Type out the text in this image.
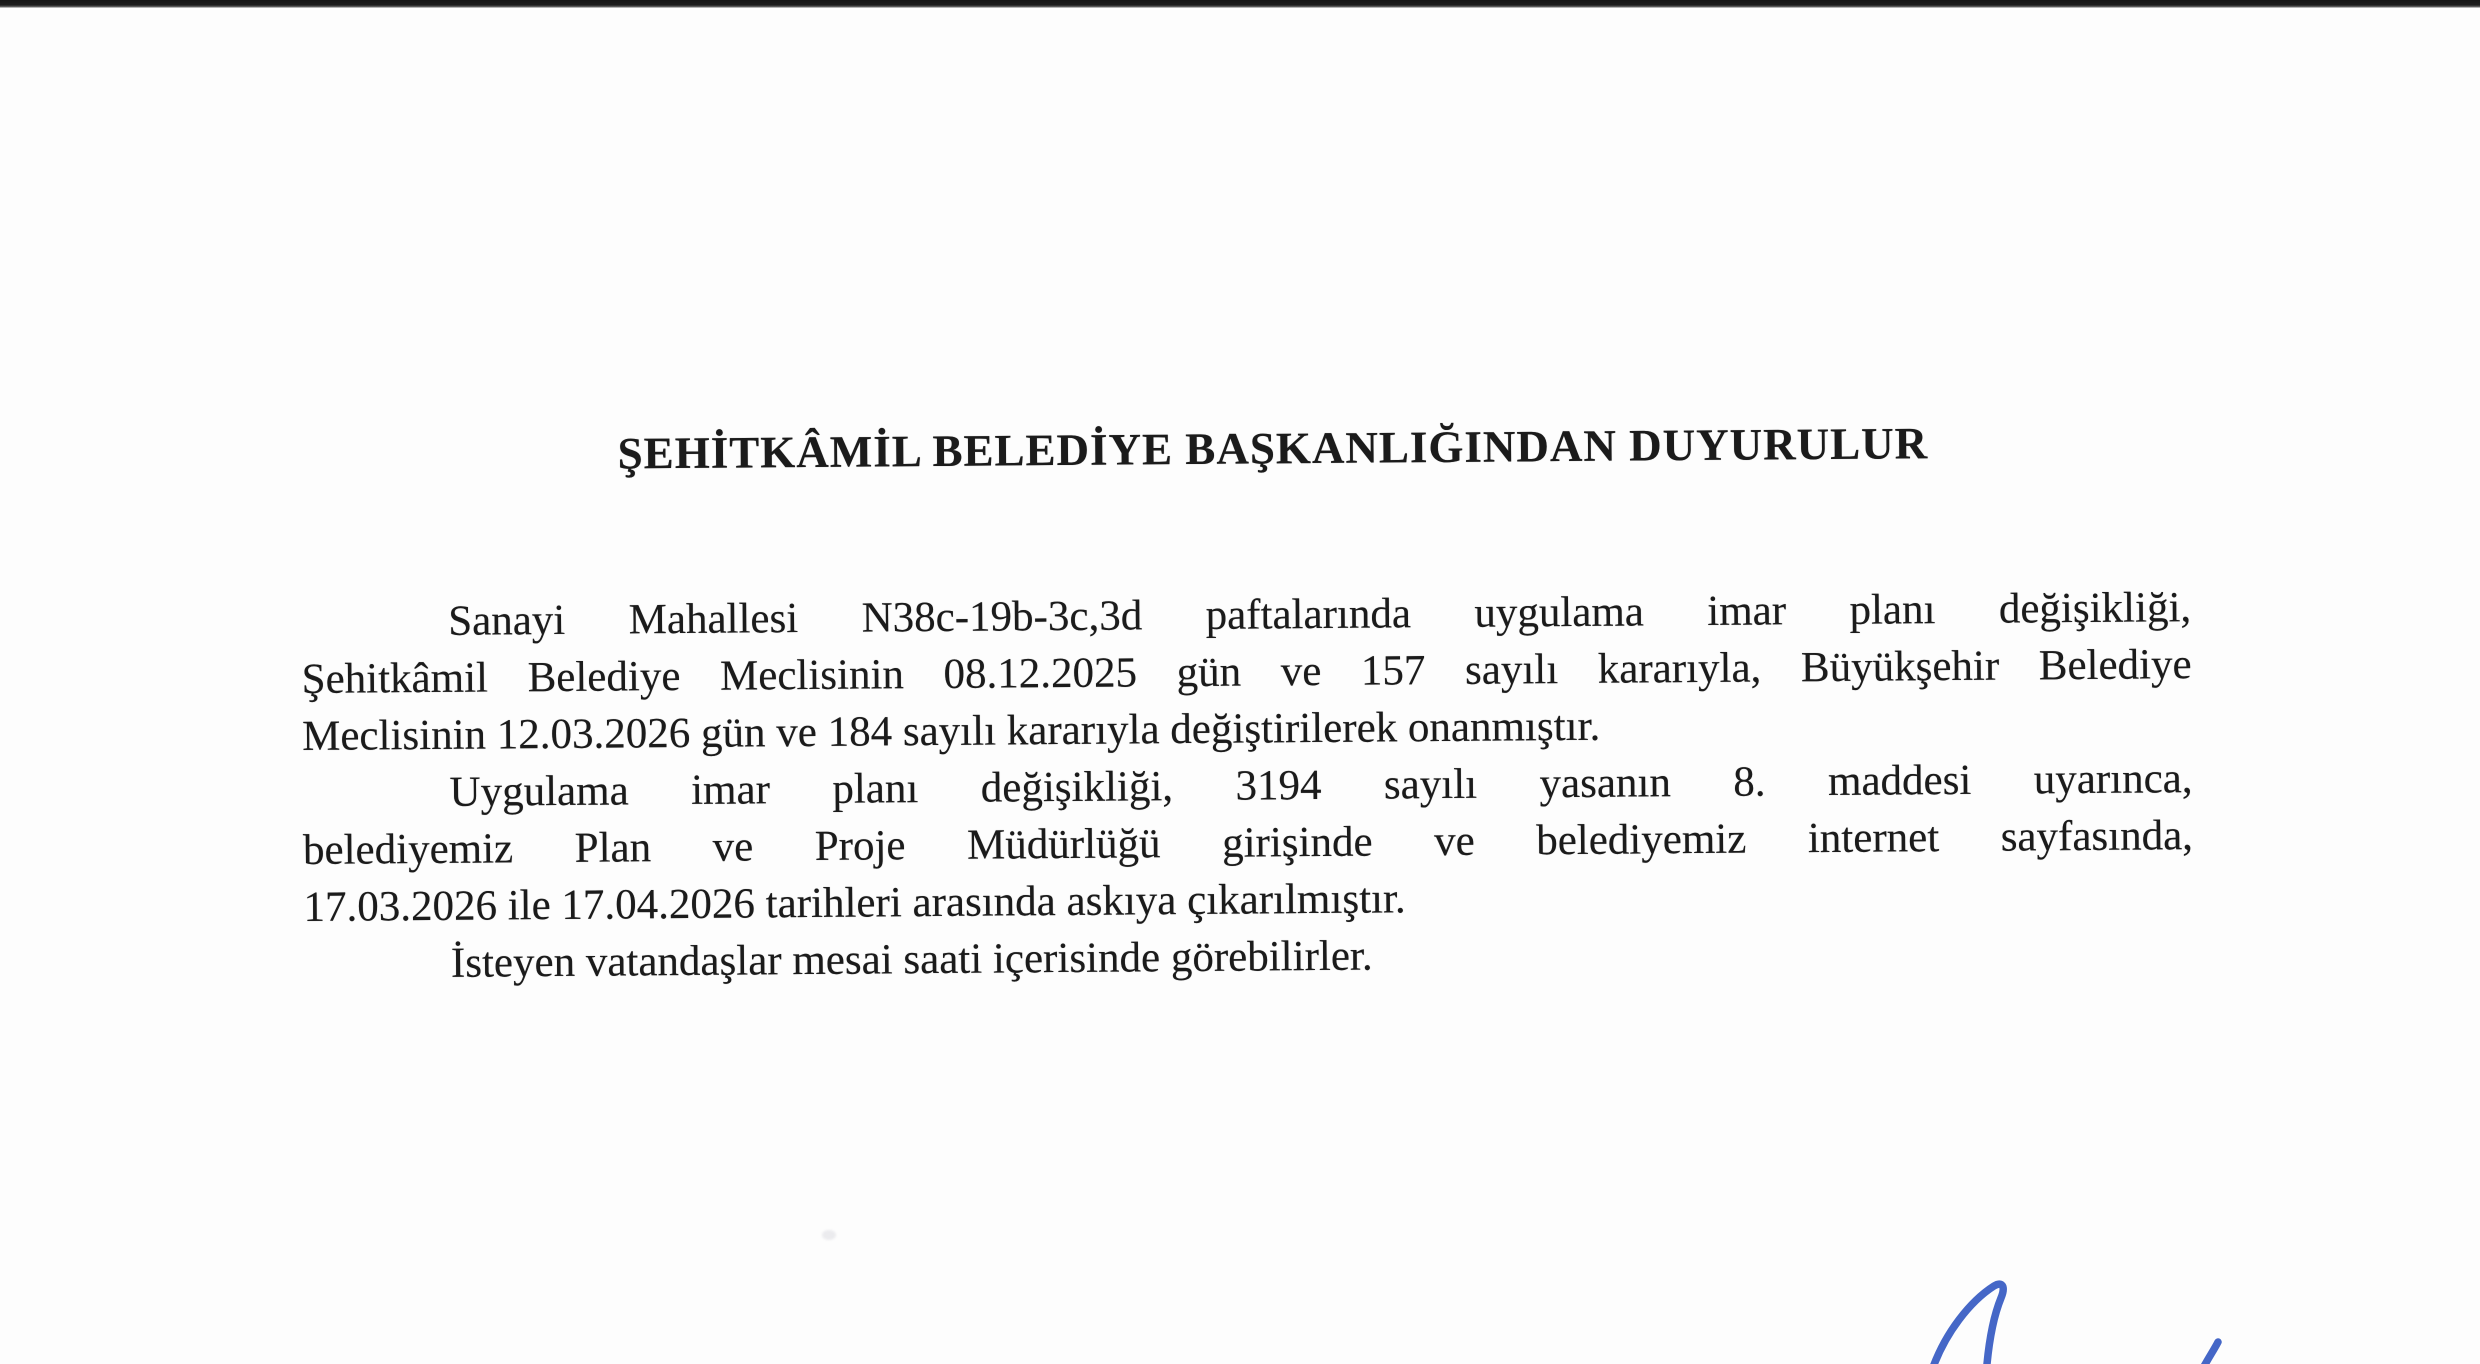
ŞEHİTKÂMİL BELEDİYE BAŞKANLIĞINDAN DUYURULUR
Sanayi Mahallesi N38c-19b-3c,3d paftalarında uygulama imar planı değişikliği,
Şehitkâmil Belediye Meclisinin 08.12.2025 gün ve 157 sayılı kararıyla, Büyükşehir Belediye
Meclisinin 12.03.2026 gün ve 184 sayılı kararıyla değiştirilerek onanmıştır.
Uygulama imar planı değişikliği, 3194 sayılı yasanın 8. maddesi uyarınca,
belediyemiz Plan ve Proje Müdürlüğü girişinde ve belediyemiz internet sayfasında,
17.03.2026 ile 17.04.2026 tarihleri arasında askıya çıkarılmıştır.
İsteyen vatandaşlar mesai saati içerisinde görebilirler.
